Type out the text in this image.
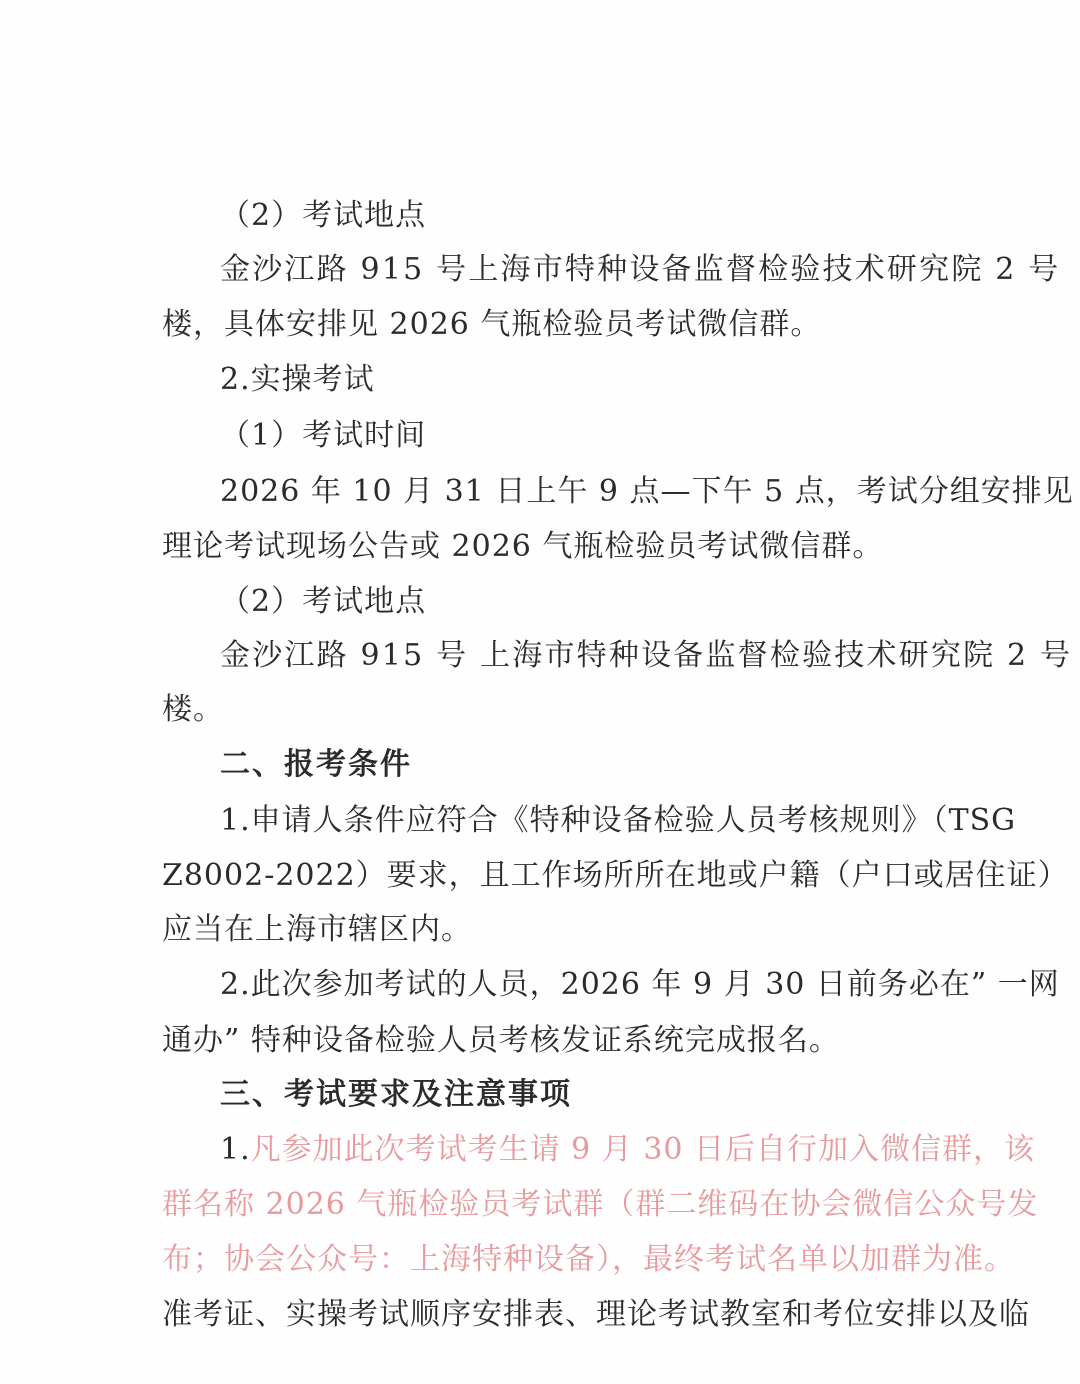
（2）考试地点
金沙江路 915 号上海市特种设备监督检验技术研究院 2 号
楼，具体安排见 2026 气瓶检验员考试微信群。
2.实操考试
（1）考试时间
2026 年 10 月 31 日上午 9 点—下午 5 点，考试分组安排见
理论考试现场公告或 2026 气瓶检验员考试微信群。
（2）考试地点
金沙江路 915 号 上海市特种设备监督检验技术研究院 2 号
楼。
二、报考条件
1.申请人条件应符合《特种设备检验人员考核规则》（TSG
Z8002-2022）要求，且工作场所所在地或户籍（户口或居住证）
应当在上海市辖区内。
2.此次参加考试的人员，2026 年 9 月 30 日前务必在” 一网
通办” 特种设备检验人员考核发证系统完成报名。
三、考试要求及注意事项
1.凡参加此次考试考生请 9 月 30 日后自行加入微信群，该
群名称 2026 气瓶检验员考试群（群二维码在协会微信公众号发
布；协会公众号：上海特种设备），最终考试名单以加群为准。
准考证、实操考试顺序安排表、理论考试教室和考位安排以及临
